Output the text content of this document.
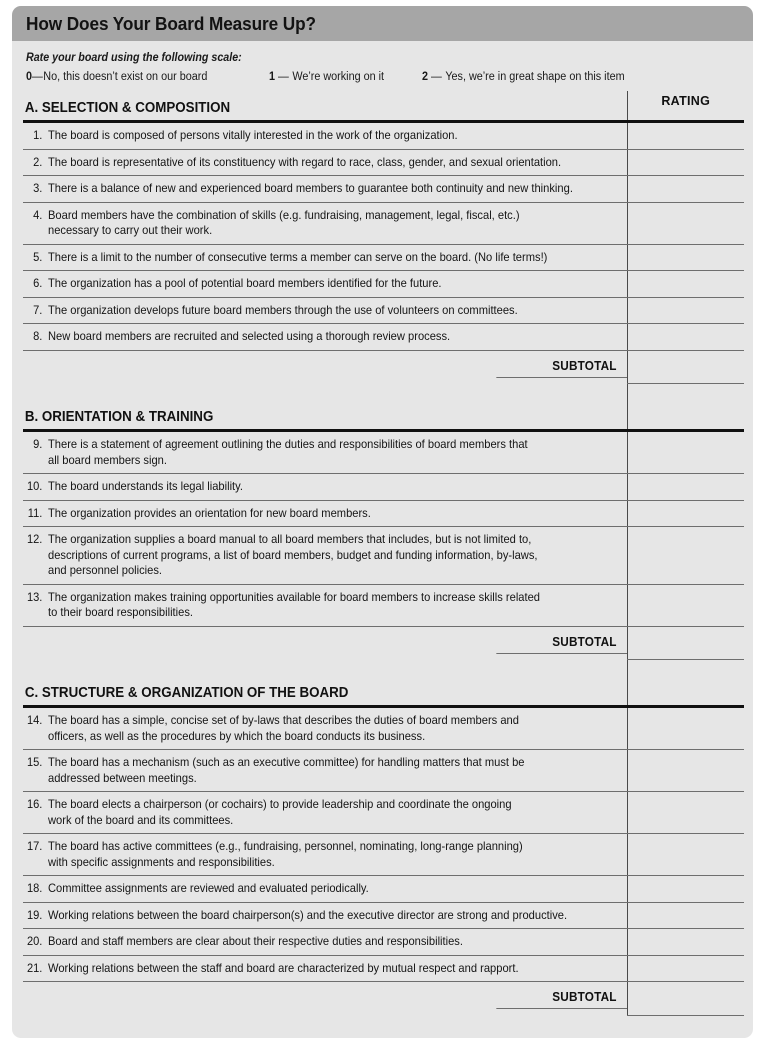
How Does Your Board Measure Up?
Rate your board using the following scale:
0—No, this doesn’t exist on our board	1 — We’re working on it	2 — Yes, we’re in great shape on this item
A. SELECTION & COMPOSITION	RATING

1. The board is composed of persons vitally interested in the work of the organization.	

2. The board is representative of its constituency with regard to race, class, gender, and sexual orientation.	

3. There is a balance of new and experienced board members to guarantee both continuity and new thinking.	

4. Board members have the combination of skills (e.g. fundraising, management, legal, fiscal, etc.)
necessary to carry out their work.	

5. There is a limit to the number of consecutive terms a member can serve on the board. (No life terms!)	

6. The organization has a pool of potential board members identified for the future.	

7. The organization develops future board members through the use of volunteers on committees.	

8. New board members are recruited and selected using a thorough review process.	

SUBTOTAL	

B. ORIENTATION & TRAINING	

9. There is a statement of agreement outlining the duties and responsibilities of board members that
all board members sign.	

10. The board understands its legal liability.	

11. The organization provides an orientation for new board members.	

12. The organization supplies a board manual to all board members that includes, but is not limited to,
descriptions of current programs, a list of board members, budget and funding information, by-laws,
and personnel policies.	

13. The organization makes training opportunities available for board members to increase skills related
to their board responsibilities.	

SUBTOTAL	

C. STRUCTURE & ORGANIZATION OF THE BOARD	

14. The board has a simple, concise set of by-laws that describes the duties of board members and
officers, as well as the procedures by which the board conducts its business.	

15. The board has a mechanism (such as an executive committee) for handling matters that must be
addressed between meetings.	

16. The board elects a chairperson (or cochairs) to provide leadership and coordinate the ongoing
work of the board and its committees.	

17. The board has active committees (e.g., fundraising, personnel, nominating, long-range planning)
with specific assignments and responsibilities.	

18. Committee assignments are reviewed and evaluated periodically.	

19. Working relations between the board chairperson(s) and the executive director are strong and productive.	

20. Board and staff members are clear about their respective duties and responsibilities.	

21. Working relations between the staff and board are characterized by mutual respect and rapport.	

SUBTOTAL	
